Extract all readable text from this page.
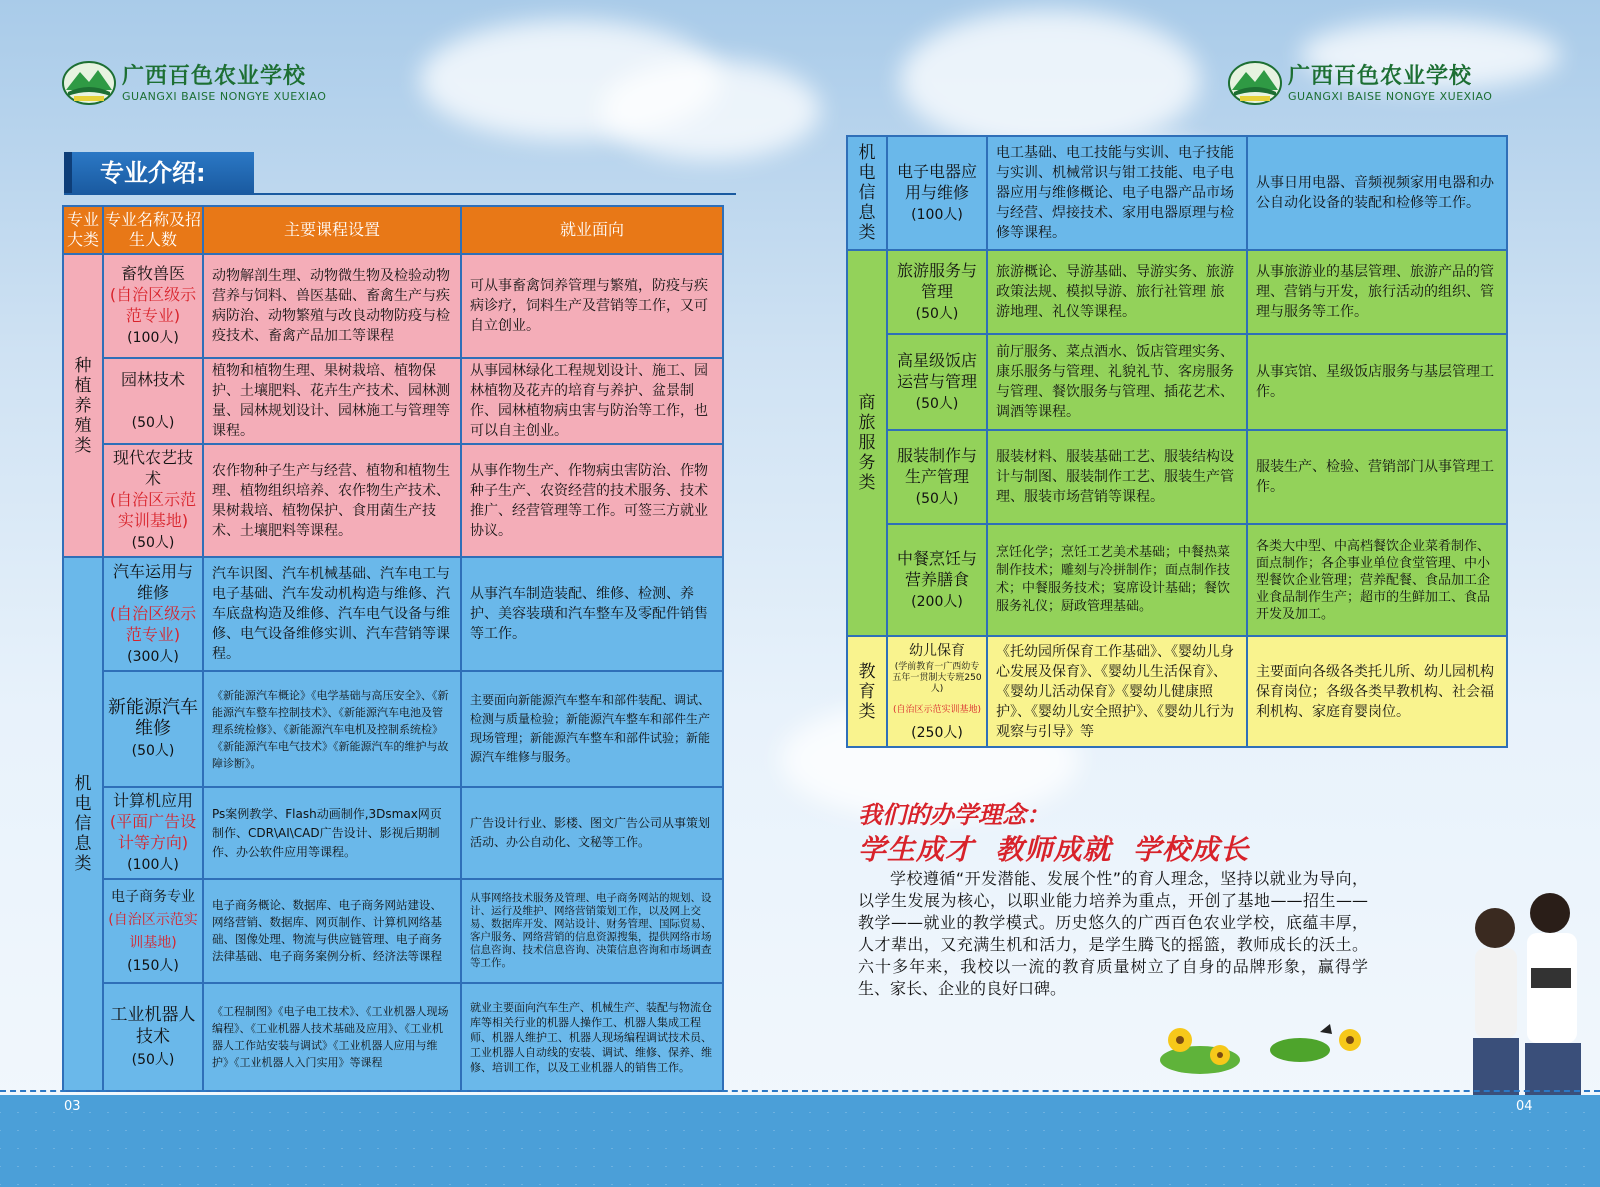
广西百色农业学校
GUANGXI BAISE NONGYE XUEXIAO
广西百色农业学校
GUANGXI BAISE NONGYE XUEXIAO
专业介绍:
专业大类	专业名称及招生人数	主要课程设置	就业面向
种植养殖类	畜牧兽医
(自治区级示范专业)
(100人)	动物解剖生理、动物微生物及检验动物营养与饲料、兽医基础、畜禽生产与疾病防治、动物繁殖与改良动物防疫与检疫技术、畜禽产品加工等课程	可从事畜禽饲养管理与繁殖，防疫与疾病诊疗，饲料生产及营销等工作，又可自立创业。
	园林技术

(50人)	植物和植物生理、果树栽培、植物保护、土壤肥料、花卉生产技术、园林测量、园林规划设计、园林施工与管理等课程。	从事园林绿化工程规划设计、施工、园林植物及花卉的培育与养护、盆景制作、园林植物病虫害与防治等工作，也可以自主创业。
	现代农艺技术
(自治区示范实训基地)
(50人)	农作物种子生产与经营、植物和植物生理、植物组织培养、农作物生产技术、果树栽培、植物保护、食用菌生产技术、土壤肥料等课程。	从事作物生产、作物病虫害防治、作物种子生产、农资经营的技术服务、技术推广、经营管理等工作。可签三方就业协议。
机电信息类	汽车运用与维修
(自治区级示范专业)
(300人)	汽车识图、汽车机械基础、汽车电工与电子基础、汽车发动机构造与维修、汽车底盘构造及维修、汽车电气设备与维修、电气设备维修实训、汽车营销等课程。	从事汽车制造装配、维修、检测、养护、美容装璜和汽车整车及零配件销售等工作。
	新能源汽车维修
(50人)	《新能源汽车概论》《电学基础与高压安全》、《新能源汽车整车控制技术》、《新能源汽车电池及管理系统检修》、《新能源汽车电机及控制系统检》《新能源汽车电气技术》《新能源汽车的维护与故障诊断》。	主要面向新能源汽车整车和部件装配、调试、检测与质量检验；新能源汽车整车和部件生产现场管理；新能源汽车整车和部件试验；新能源汽车维修与服务。
	计算机应用
(平面广告设计等方向)
(100人)	Ps案例教学、Flash动画制作,3Dsmax网页制作、CDR\AI\CAD广告设计、影视后期制作、办公软件应用等课程。	广告设计行业、影楼、图文广告公司从事策划活动、办公自动化、文秘等工作。
	电子商务专业
(自治区示范实训基地)
(150人)	电子商务概论、数据库、电子商务网站建设、网络营销、数据库、网页制作、计算机网络基础、图像处理、物流与供应链管理、电子商务法律基础、电子商务案例分析、经济法等课程	从事网络技术服务及管理、电子商务网站的规划、设计、运行及维护、网络营销策划工作，以及网上交易、数据库开发、网站设计、财务管理、国际贸易、客户服务、网络营销的信息资源搜集，提供网络市场信息咨询、技术信息咨询、决策信息咨询和市场调查等工作。
	工业机器人技术
(50人)	《工程制图》《电子电工技术》、《工业机器人现场编程》、《工业机器人技术基础及应用》、《工业机器人工作站安装与调试》《工业机器人应用与维护》《工业机器人入门实用》等课程	就业主要面向汽车生产、机械生产、装配与物流仓库等相关行业的机器人操作工、机器人集成工程师、机器人维护工、机器人现场编程调试技术员、工业机器人自动线的安装、调试、维修、保养、维修、培训工作，以及工业机器人的销售工作。
机电信息类	电子电器应用与维修
(100人)	电工基础、电工技能与实训、电子技能与实训、机械常识与钳工技能、电子电器应用与维修概论、电子电器产品市场与经营、焊接技术、家用电器原理与检修等课程。	从事日用电器、音频视频家用电器和办公自动化设备的装配和检修等工作。
商旅服务类	旅游服务与管理
(50人)	旅游概论、导游基础、导游实务、旅游政策法规、模拟导游、旅行社管理 旅游地理、礼仪等课程。	从事旅游业的基层管理、旅游产品的管理、营销与开发，旅行活动的组织、管理与服务等工作。
	高星级饭店运营与管理
(50人)	前厅服务、菜点酒水、饭店管理实务、康乐服务与管理、礼貌礼节、客房服务与管理、餐饮服务与管理、插花艺术、调酒等课程。	从事宾馆、星级饭店服务与基层管理工作。
	服装制作与生产管理
(50人)	服装材料、服装基础工艺、服装结构设计与制图、服装制作工艺、服装生产管理、服装市场营销等课程。	服装生产、检验、营销部门从事管理工作。
	中餐烹饪与营养膳食
(200人)	烹饪化学；烹饪工艺美术基础；中餐热菜制作技术；雕刻与冷拼制作；面点制作技术；中餐服务技术；宴席设计基础；餐饮服务礼仪；厨政管理基础。	各类大中型、中高档餐饮企业菜肴制作、面点制作；各企事业单位食堂管理、中小型餐饮企业管理；营养配餐、食品加工企业食品制作生产；超市的生鲜加工、食品开发及加工。
教育类	幼儿保育
(学前教育一广西幼专五年一贯制大专班250人)
(自治区示范实训基地)
(250人)	《托幼园所保育工作基础》、《婴幼儿身心发展及保育》、《婴幼儿生活保育》、《婴幼儿活动保育》《婴幼儿健康照护》、《婴幼儿安全照护》、《婴幼儿行为观察与引导》等	主要面向各级各类托儿所、幼儿园机构保育岗位；各级各类早教机构、社会福利机构、家庭育婴岗位。
我们的办学理念：
学生成才  教师成就  学校成长
学校遵循“开发潜能、发展个性”的育人理念，坚持以就业为导向，以学生发展为核心，以职业能力培养为重点，开创了基地——招生——教学——就业的教学模式。历史悠久的广西百色农业学校，底蕴丰厚，人才辈出，又充满生机和活力，是学生腾飞的摇篮，教师成长的沃土。六十多年来，我校以一流的教育质量树立了自身的品牌形象，赢得学生、家长、企业的良好口碑。
03	04
